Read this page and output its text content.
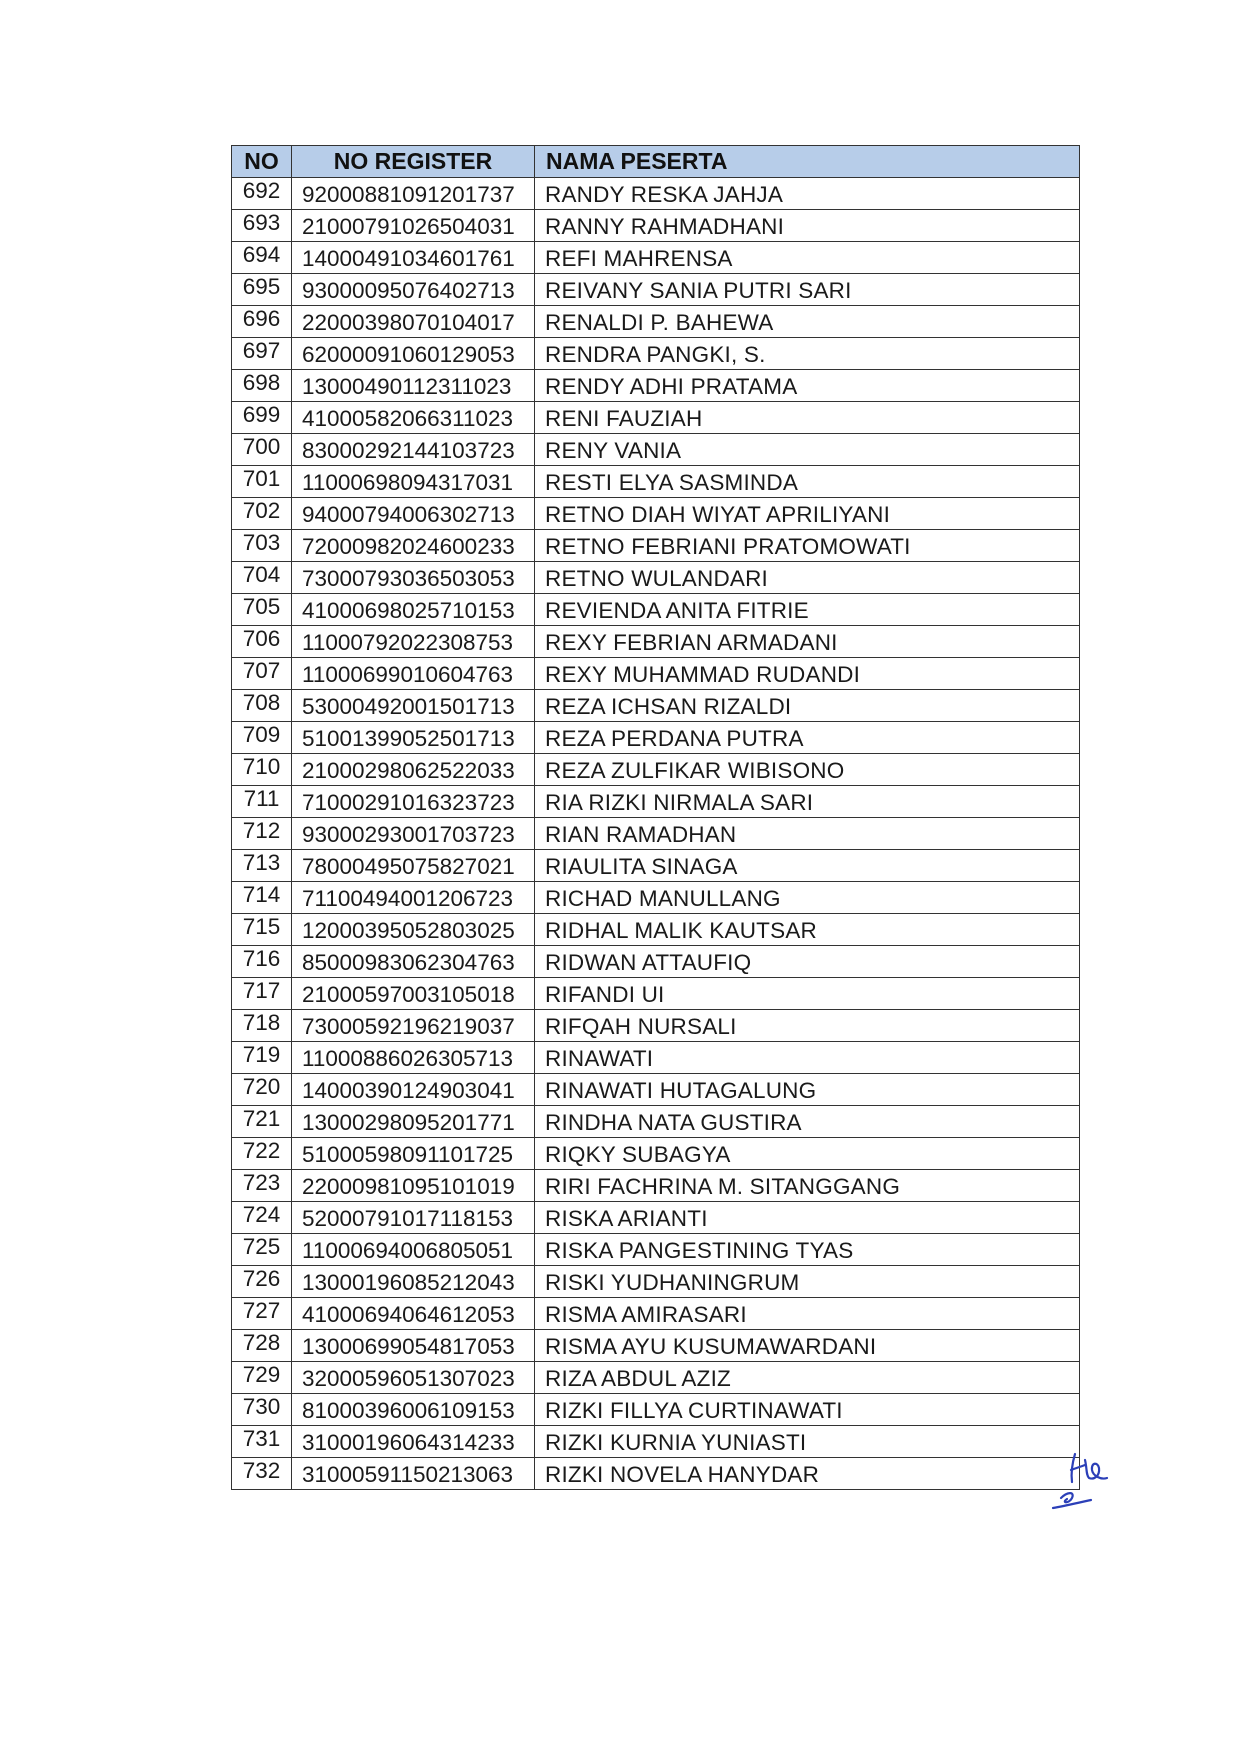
NO	NO REGISTER	NAMA PESERTA
692	92000881091201737	RANDY RESKA JAHJA
693	21000791026504031	RANNY RAHMADHANI
694	14000491034601761	REFI MAHRENSA
695	93000095076402713	REIVANY SANIA PUTRI SARI
696	22000398070104017	RENALDI P. BAHEWA
697	62000091060129053	RENDRA PANGKI, S.
698	13000490112311023	RENDY ADHI PRATAMA
699	41000582066311023	RENI FAUZIAH
700	83000292144103723	RENY VANIA
701	11000698094317031	RESTI ELYA SASMINDA
702	94000794006302713	RETNO DIAH WIYAT APRILIYANI
703	72000982024600233	RETNO FEBRIANI PRATOMOWATI
704	73000793036503053	RETNO WULANDARI
705	41000698025710153	REVIENDA ANITA FITRIE
706	11000792022308753	REXY FEBRIAN ARMADANI
707	11000699010604763	REXY MUHAMMAD RUDANDI
708	53000492001501713	REZA ICHSAN RIZALDI
709	51001399052501713	REZA PERDANA PUTRA
710	21000298062522033	REZA ZULFIKAR WIBISONO
711	71000291016323723	RIA RIZKI NIRMALA SARI
712	93000293001703723	RIAN RAMADHAN
713	78000495075827021	RIAULITA SINAGA
714	71100494001206723	RICHAD MANULLANG
715	12000395052803025	RIDHAL MALIK KAUTSAR
716	85000983062304763	RIDWAN ATTAUFIQ
717	21000597003105018	RIFANDI UI
718	73000592196219037	RIFQAH NURSALI
719	11000886026305713	RINAWATI
720	14000390124903041	RINAWATI HUTAGALUNG
721	13000298095201771	RINDHA NATA GUSTIRA
722	51000598091101725	RIQKY SUBAGYA
723	22000981095101019	RIRI FACHRINA M. SITANGGANG
724	52000791017118153	RISKA ARIANTI
725	11000694006805051	RISKA PANGESTINING TYAS
726	13000196085212043	RISKI YUDHANINGRUM
727	41000694064612053	RISMA AMIRASARI
728	13000699054817053	RISMA AYU KUSUMAWARDANI
729	32000596051307023	RIZA ABDUL AZIZ
730	81000396006109153	RIZKI FILLYA CURTINAWATI
731	31000196064314233	RIZKI KURNIA YUNIASTI
732	31000591150213063	RIZKI NOVELA HANYDAR
